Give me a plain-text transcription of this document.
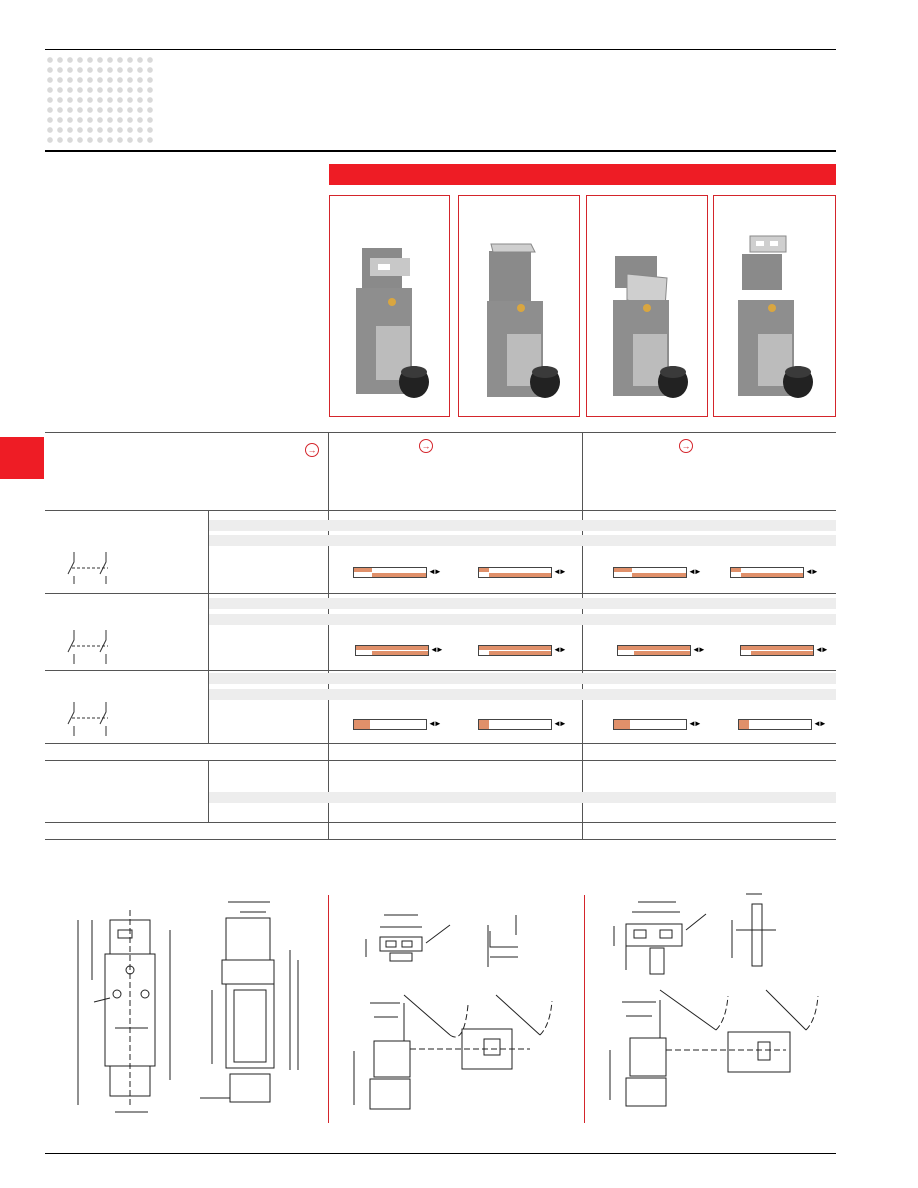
→	→	→
◄►	◄►	◄►	◄►
◄►	◄►	◄►	◄►
◄►	◄►	◄►	◄►
